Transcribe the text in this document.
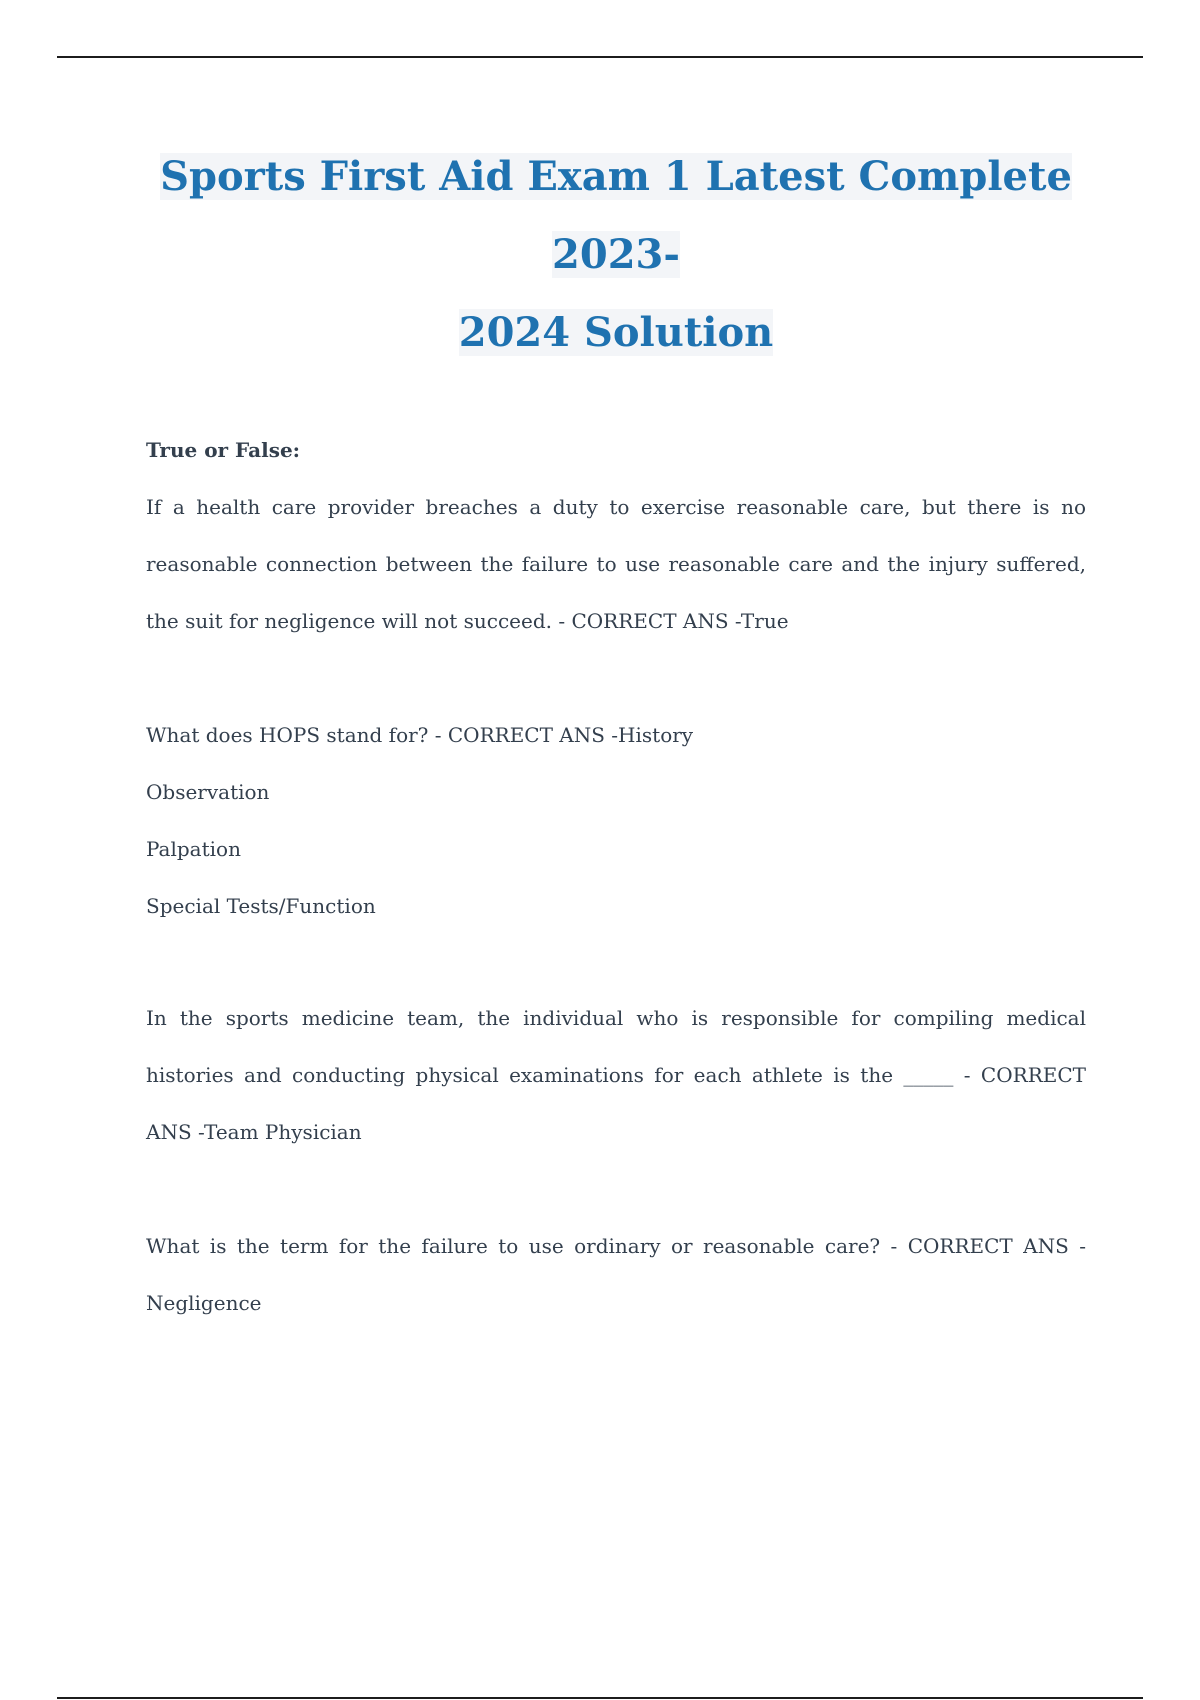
Sports First Aid Exam 1 Latest Complete 2023-
2024 Solution
True or False:
If a health care provider breaches a duty to exercise reasonable care, but there is no reasonable connection between the failure to use reasonable care and the injury suffered, the suit for negligence will not succeed. - CORRECT ANS -True
What does HOPS stand for? - CORRECT ANS -History
Observation
Palpation
Special Tests/Function
In the sports medicine team, the individual who is responsible for compiling medical histories and conducting physical examinations for each athlete is the _____ - CORRECT ANS -Team Physician
What is the term for the failure to use ordinary or reasonable care? - CORRECT ANS -Negligence
